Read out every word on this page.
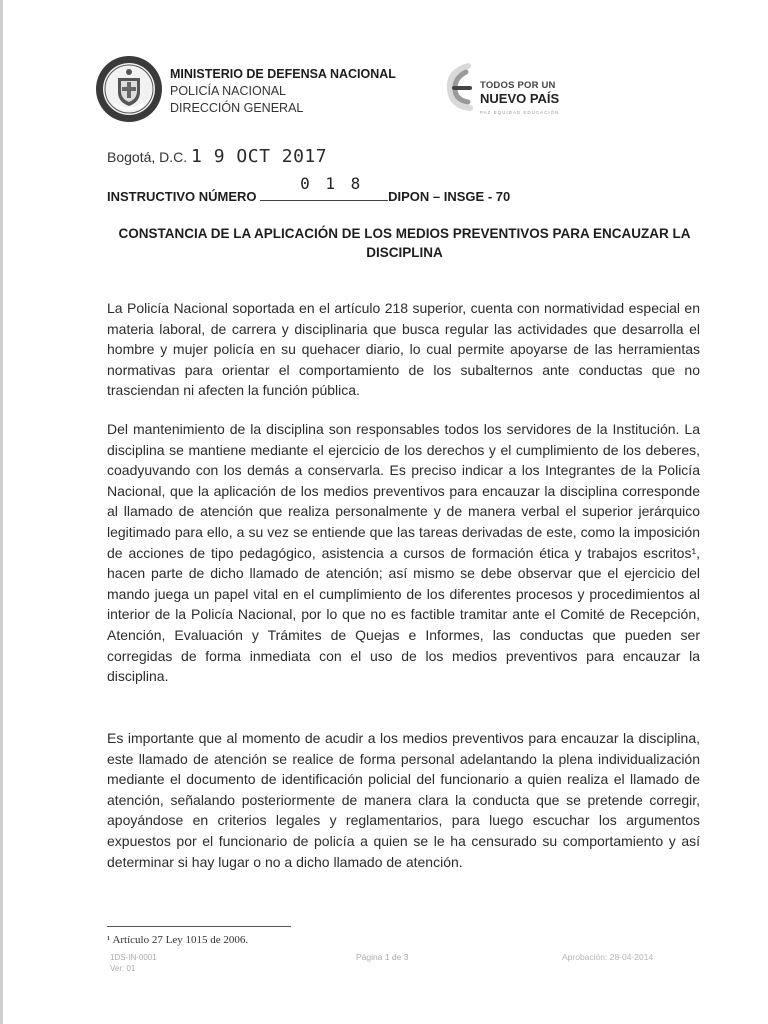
MINISTERIO DE DEFENSA NACIONAL
POLICÍA NACIONAL
DIRECCIÓN GENERAL
TODOS POR UN
NUEVO PAÍS
PAZ EQUIDAD EDUCACIÓN
Bogotá, D.C. 1 9 OCT 2017
INSTRUCTIVO NÚMERO
0 1 8
DIPON – INSGE - 70
CONSTANCIA DE LA APLICACIÓN DE LOS MEDIOS PREVENTIVOS PARA ENCAUZAR LA DISCIPLINA

La Policía Nacional soportada en el artículo 218 superior, cuenta con normatividad especial en materia laboral, de carrera y disciplinaria que busca regular las actividades que desarrolla el hombre y mujer policía en su quehacer diario, lo cual permite apoyarse de las herramientas normativas para orientar el comportamiento de los subalternos ante conductas que no trasciendan ni afecten la función pública.

Del mantenimiento de la disciplina son responsables todos los servidores de la Institución. La disciplina se mantiene mediante el ejercicio de los derechos y el cumplimiento de los deberes, coadyuvando con los demás a conservarla. Es preciso indicar a los Integrantes de la Policía Nacional, que la aplicación de los medios preventivos para encauzar la disciplina corresponde al llamado de atención que realiza personalmente y de manera verbal el superior jerárquico legitimado para ello, a su vez se entiende que las tareas derivadas de este, como la imposición de acciones de tipo pedagógico, asistencia a cursos de formación ética y trabajos escritos¹, hacen parte de dicho llamado de atención; así mismo se debe observar que el ejercicio del mando juega un papel vital en el cumplimiento de los diferentes procesos y procedimientos al interior de la Policía Nacional, por lo que no es factible tramitar ante el Comité de Recepción, Atención, Evaluación y Trámites de Quejas e Informes, las conductas que pueden ser corregidas de forma inmediata con el uso de los medios preventivos para encauzar la disciplina.

Es importante que al momento de acudir a los medios preventivos para encauzar la disciplina, este llamado de atención se realice de forma personal adelantando la plena individualización mediante el documento de identificación policial del funcionario a quien realiza el llamado de atención, señalando posteriormente de manera clara la conducta que se pretende corregir, apoyándose en criterios legales y reglamentarios, para luego escuchar los argumentos expuestos por el funcionario de policía a quien se le ha censurado su comportamiento y así determinar si hay lugar o no a dicho llamado de atención.

¹ Artículo 27 Ley 1015 de 2006.
1DS-IN-0001
Ver: 01
Página 1 de 3	Aprobación: 28-04-2014
